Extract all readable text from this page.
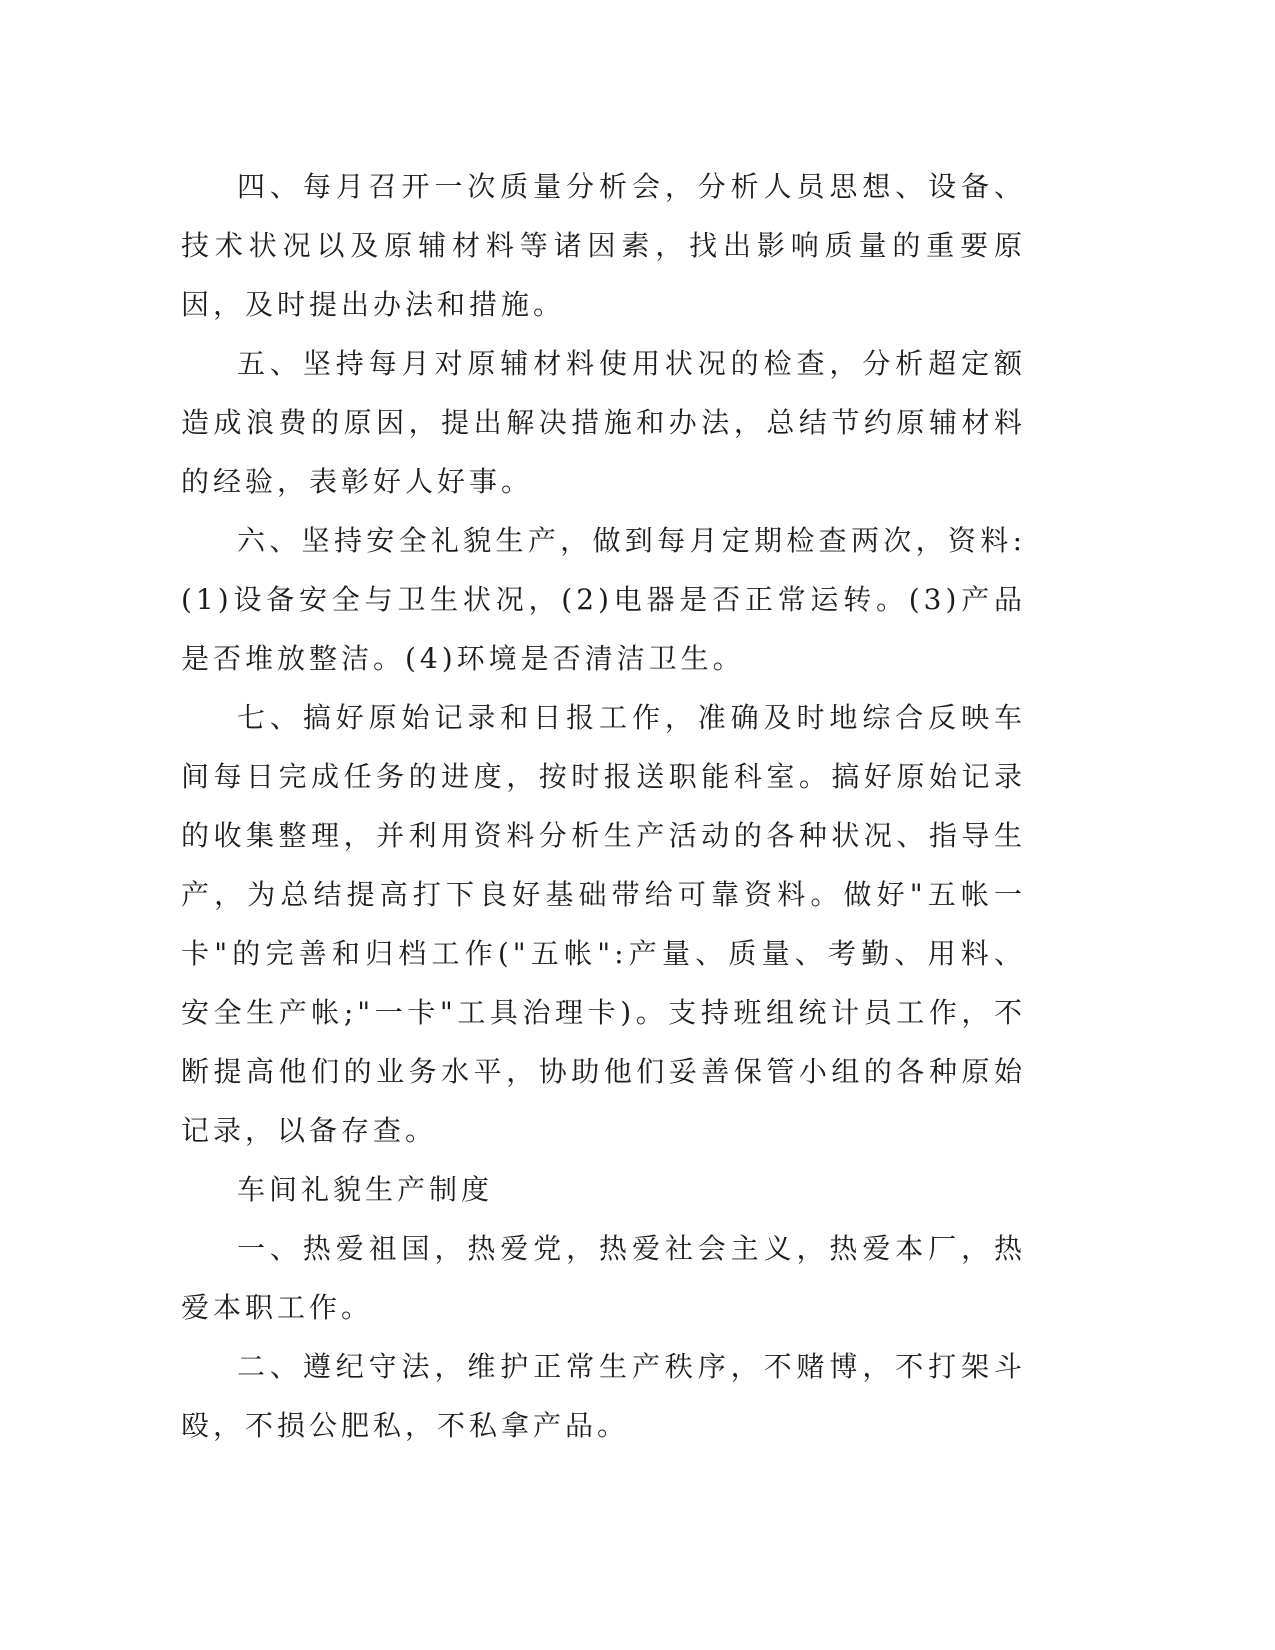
四、每月召开一次质量分析会，分析人员思想、设备、技术状况以及原辅材料等诸因素，找出影响质量的重要原因，及时提出办法和措施。

五、坚持每月对原辅材料使用状况的检查，分析超定额造成浪费的原因，提出解决措施和办法，总结节约原辅材料的经验，表彰好人好事。

六、坚持安全礼貌生产，做到每月定期检查两次，资料:(1)设备安全与卫生状况，(2)电器是否正常运转。(3)产品是否堆放整洁。(4)环境是否清洁卫生。

七、搞好原始记录和日报工作，准确及时地综合反映车间每日完成任务的进度，按时报送职能科室。搞好原始记录的收集整理，并利用资料分析生产活动的各种状况、指导生产，为总结提高打下良好基础带给可靠资料。做好"五帐一卡"的完善和归档工作("五帐":产量、质量、考勤、用料、安全生产帐;"一卡"工具治理卡)。支持班组统计员工作，不断提高他们的业务水平，协助他们妥善保管小组的各种原始记录，以备存查。

车间礼貌生产制度

一、热爱祖国，热爱党，热爱社会主义，热爱本厂，热爱本职工作。

二、遵纪守法，维护正常生产秩序，不赌博，不打架斗殴，不损公肥私，不私拿产品。
